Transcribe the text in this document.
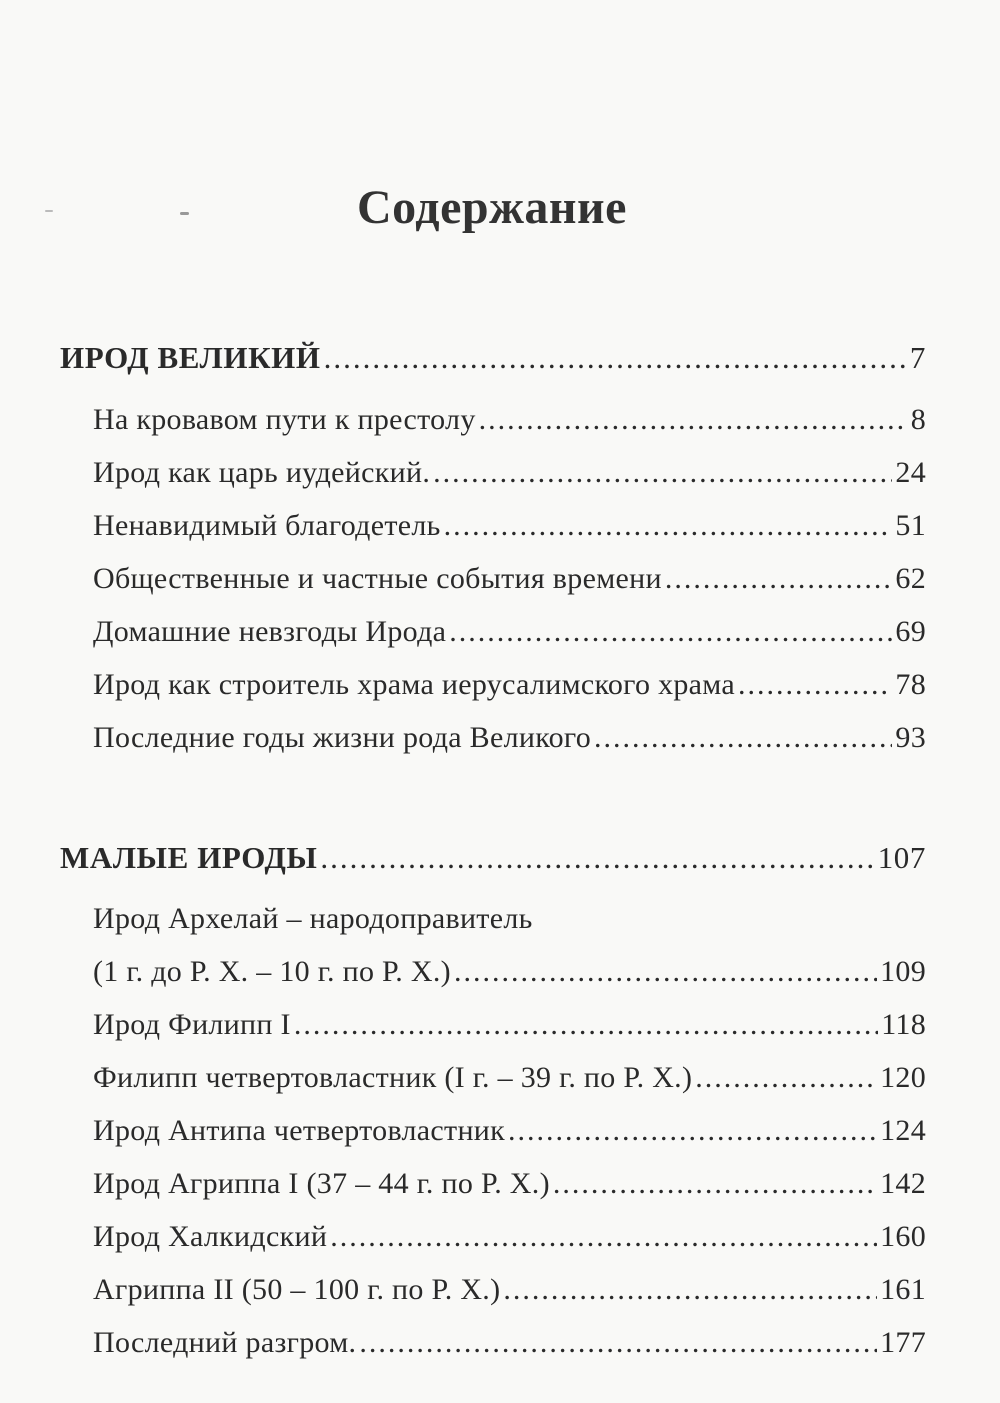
Содержание
ИРОД ВЕЛИКИЙ .....	7
На кровавом пути к престолу .....	8
Ирод как царь иудейский. .....	24
Ненавидимый благодетель .....	51
Общественные и частные события времени .....	62
Домашние невзгоды Ирода .....	69
Ирод как строитель храма иерусалимского храма .....	78
Последние годы жизни рода Великого .....	93
МАЛЫЕ ИРОДЫ .....	107
Ирод Архелай – народоправитель
(1 г. до Р. Х. – 10 г. по Р. Х.) .....	109
Ирод Филипп I .....	118
Филипп четвертовластник (I г. – 39 г. по Р. Х.) .....	120
Ирод Антипа четвертовластник .....	124
Ирод Агриппа I (37 – 44 г. по Р. Х.) .....	142
Ирод Халкидский .....	160
Агриппа II (50 – 100 г. по Р. Х.) .....	161
Последний разгром. .....	177
